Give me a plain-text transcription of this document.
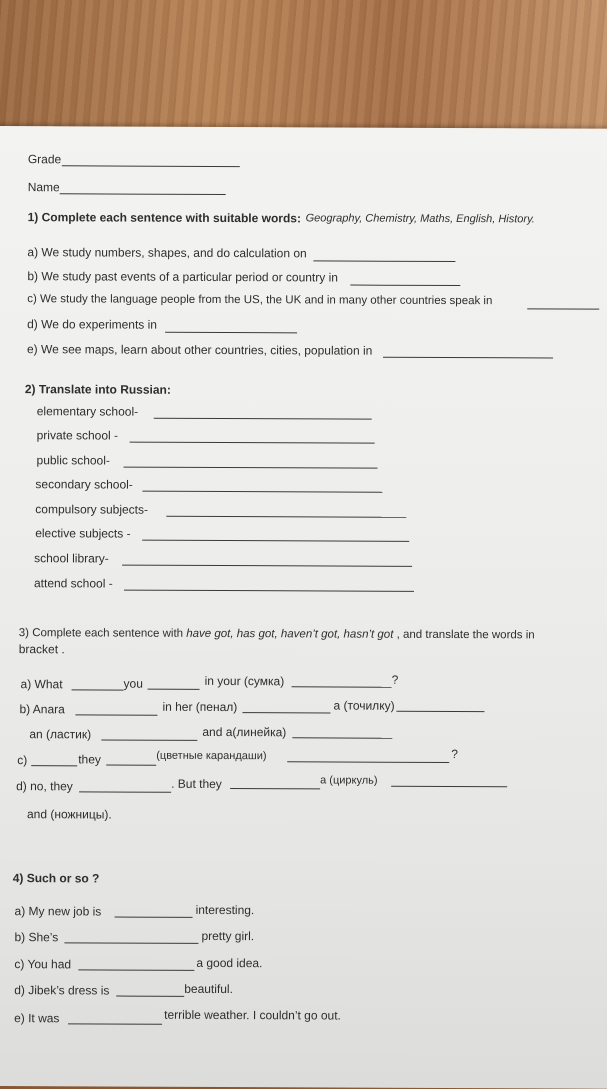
Grade
Name
1) Complete each sentence with suitable words: Geography, Chemistry, Maths, English, History.
a) We study numbers, shapes, and do calculation on
b) We study past events of a particular period or country in
c) We study the language people from the US, the UK and in many other countries speak in
d) We do experiments in
e) We see maps, learn about other countries, cities, population in
2) Translate into Russian:
elementary school-
private school -
public school-
secondary school-
compulsory subjects-
elective subjects -
school library-
attend school -
3) Complete each sentence with have got, has got, haven’t got, hasn’t got , and translate the words in
bracket .
a) What	you	in your (сумка)	?
b) Anara	in her (пенал)	a (точилку)
an (ластик)	and a(линейка)
c)	they	(цветные карандаши)	?
d) no, they	. But they	a (циркуль)
and (ножницы).
4) Such or so ?
a) My new job is	interesting.
b) She’s	pretty girl.
c) You had	a good idea.
d) Jibek’s dress is	beautiful.
e) It was	terrible weather. I couldn’t go out.
